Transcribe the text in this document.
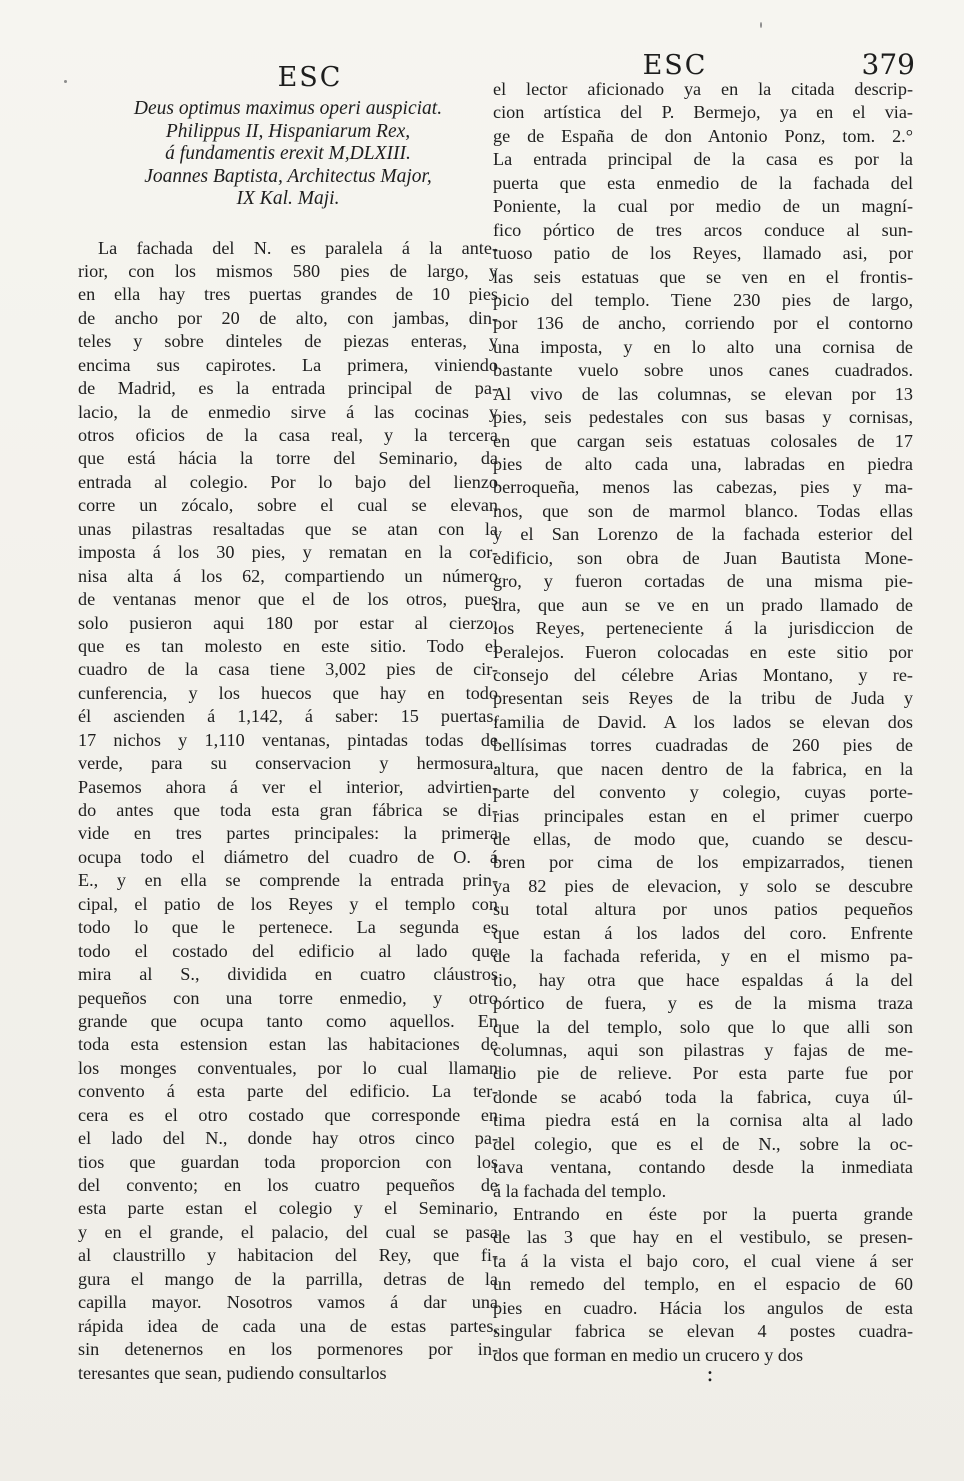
ESC	ESC	379
Deus optimus maximus operi auspiciat.
Philippus II, Hispaniarum Rex,
á fundamentis erexit M,DLXIII.
Joannes Baptista, Architectus Major,
IX Kal. Maji.
La fachada del N. es paralela á la ante-
rior, con los mismos 580 pies de largo, y
en ella hay tres puertas grandes de 10 pies
de ancho por 20 de alto, con jambas, din-
teles y sobre dinteles de piezas enteras, y
encima sus capirotes. La primera, viniendo
de Madrid, es la entrada principal de pa-
lacio, la de enmedio sirve á las cocinas y
otros oficios de la casa real, y la tercera
que está hácia la torre del Seminario, da
entrada al colegio. Por lo bajo del lienzo
corre un zócalo, sobre el cual se elevan
unas pilastras resaltadas que se atan con la
imposta á los 30 pies, y rematan en la cor-
nisa alta á los 62, compartiendo un número
de ventanas menor que el de los otros, pues
solo pusieron aqui 180 por estar al cierzo,
que es tan molesto en este sitio. Todo el
cuadro de la casa tiene 3,002 pies de cir-
cunferencia, y los huecos que hay en todo
él ascienden á 1,142, á saber: 15 puertas,
17 nichos y 1,110 ventanas, pintadas todas de
verde, para su conservacion y hermosura.
Pasemos ahora á ver el interior, advirtien-
do antes que toda esta gran fábrica se di-
vide en tres partes principales: la primera
ocupa todo el diámetro del cuadro de O. á
E., y en ella se comprende la entrada prin-
cipal, el patio de los Reyes y el templo con
todo lo que le pertenece. La segunda es
todo el costado del edificio al lado que
mira al S., dividida en cuatro cláustros
pequeños con una torre enmedio, y otro
grande que ocupa tanto como aquellos. En
toda esta estension estan las habitaciones de
los monges conventuales, por lo cual llaman
convento á esta parte del edificio. La ter-
cera es el otro costado que corresponde en
el lado del N., donde hay otros cinco pa-
tios que guardan toda proporcion con los
del convento; en los cuatro pequeños de
esta parte estan el colegio y el Seminario,
y en el grande, el palacio, del cual se pasa
al claustrillo y habitacion del Rey, que fi-
gura el mango de la parrilla, detras de la
capilla mayor. Nosotros vamos á dar una
rápida idea de cada una de estas partes,
sin detenernos en los pormenores por in-
teresantes que sean, pudiendo consultarlos
el lector aficionado ya en la citada descrip-
cion artística del P. Bermejo, ya en el via-
ge de España de don Antonio Ponz, tom. 2.°
La entrada principal de la casa es por la
puerta que esta enmedio de la fachada del
Poniente, la cual por medio de un magní-
fico pórtico de tres arcos conduce al sun-
tuoso patio de los Reyes, llamado asi, por
las seis estatuas que se ven en el frontis-
picio del templo. Tiene 230 pies de largo,
por 136 de ancho, corriendo por el contorno
una imposta, y en lo alto una cornisa de
bastante vuelo sobre unos canes cuadrados.
Al vivo de las columnas, se elevan por 13
pies, seis pedestales con sus basas y cornisas,
en que cargan seis estatuas colosales de 17
pies de alto cada una, labradas en piedra
berroqueña, menos las cabezas, pies y ma-
nos, que son de marmol blanco. Todas ellas
y el San Lorenzo de la fachada esterior del
edificio, son obra de Juan Bautista Mone-
gro, y fueron cortadas de una misma pie-
dra, que aun se ve en un prado llamado de
los Reyes, perteneciente á la jurisdiccion de
Peralejos. Fueron colocadas en este sitio por
consejo del célebre Arias Montano, y re-
presentan seis Reyes de la tribu de Juda y
familia de David. A los lados se elevan dos
bellísimas torres cuadradas de 260 pies de
altura, que nacen dentro de la fabrica, en la
parte del convento y colegio, cuyas porte-
rias principales estan en el primer cuerpo
de ellas, de modo que, cuando se descu-
bren por cima de los empizarrados, tienen
ya 82 pies de elevacion, y solo se descubre
su total altura por unos patios pequeños
que estan á los lados del coro. Enfrente
de la fachada referida, y en el mismo pa-
tio, hay otra que hace espaldas á la del
pórtico de fuera, y es de la misma traza
que la del templo, solo que lo que alli son
columnas, aqui son pilastras y fajas de me-
dio pie de relieve. Por esta parte fue por
donde se acabó toda la fabrica, cuya úl-
tima piedra está en la cornisa alta al lado
del colegio, que es el de N., sobre la oc-
tava ventana, contando desde la inmediata
á la fachada del templo.
Entrando en éste por la puerta grande
de las 3 que hay en el vestibulo, se presen-
ta á la vista el bajo coro, el cual viene á ser
un remedo del templo, en el espacio de 60
pies en cuadro. Hácia los angulos de esta
singular fabrica se elevan 4 postes cuadra-
dos que forman en medio un crucero y dos
:
